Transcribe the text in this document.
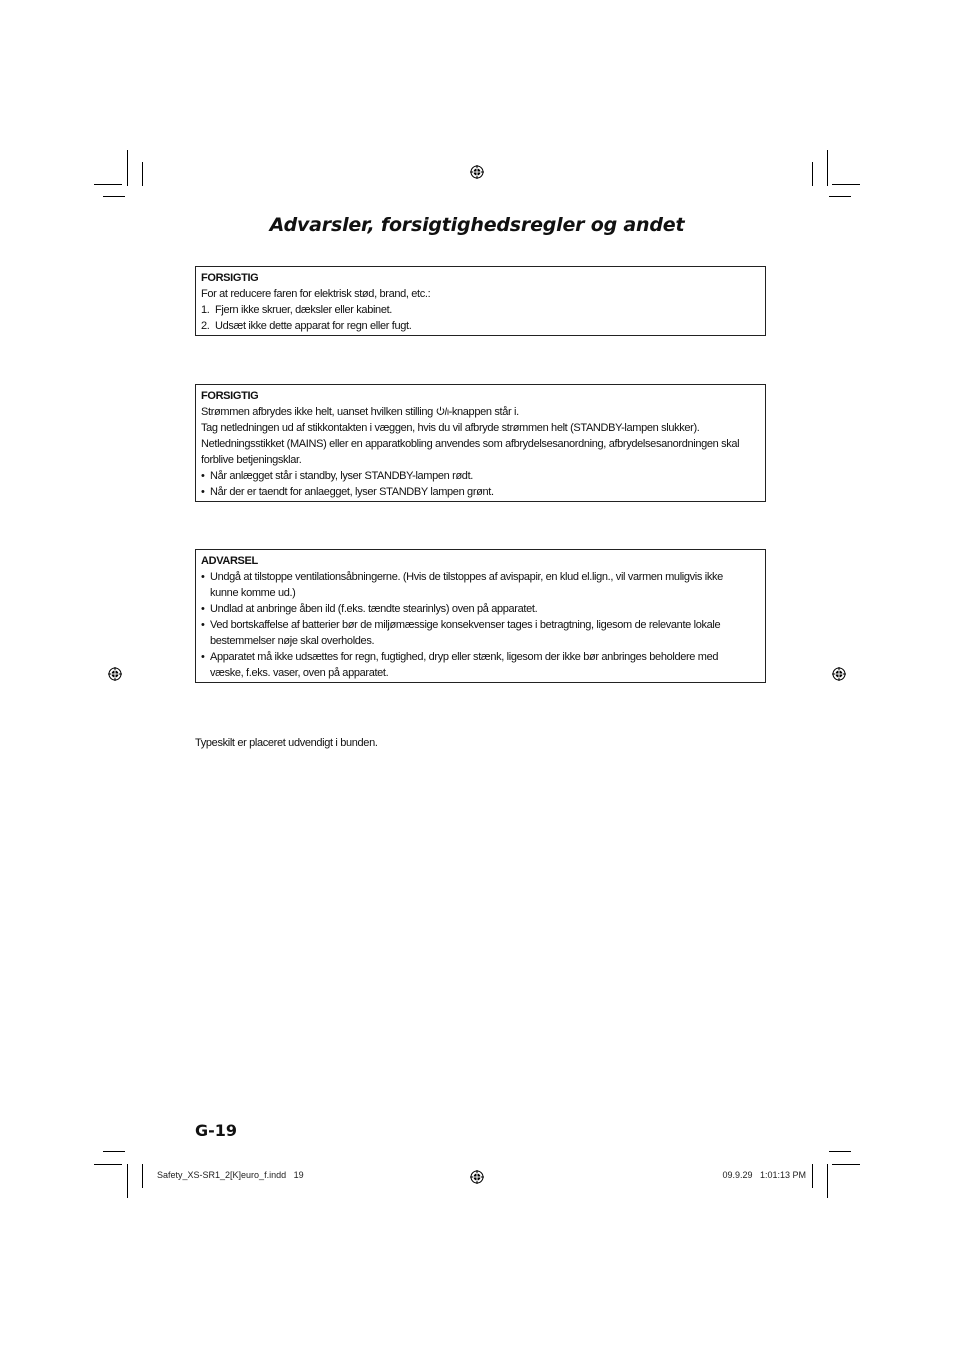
Advarsler, forsigtighedsregler og andet
FORSIGTIG
For at reducere faren for elektrisk stød, brand, etc.:
1. Fjern ikke skruer, dæksler eller kabinet.
2. Udsæt ikke dette apparat for regn eller fugt.
FORSIGTIG
Strømmen afbrydes ikke helt, uanset hvilken stilling -knappen står i.
Tag netledningen ud af stikkontakten i væggen, hvis du vil afbryde strømmen helt (STANDBY-lampen slukker).
Netledningsstikket (MAINS) eller en apparatkobling anvendes som afbrydelsesanordning, afbrydelsesanordningen skal forblive betjeningsklar.
• Når anlægget står i standby, lyser STANDBY-lampen rødt.
• Når der er taendt for anlaegget, lyser STANDBY lampen grønt.
ADVARSEL
• Undgå at tilstoppe ventilationsåbningerne. (Hvis de tilstoppes af avispapir, en klud el.lign., vil varmen muligvis ikke kunne komme ud.)
• Undlad at anbringe åben ild (f.eks. tændte stearinlys) oven på apparatet.
• Ved bortskaffelse af batterier bør de miljømæssige konsekvenser tages i betragtning, ligesom de relevante lokale bestemmelser nøje skal overholdes.
• Apparatet må ikke udsættes for regn, fugtighed, dryp eller stænk, ligesom der ikke bør anbringes beholdere med væske, f.eks. vaser, oven på apparatet.
Typeskilt er placeret udvendigt i bunden.
G-19
Safety_XS-SR1_2[K]euro_f.indd   19	09.9.29   1:01:13 PM
